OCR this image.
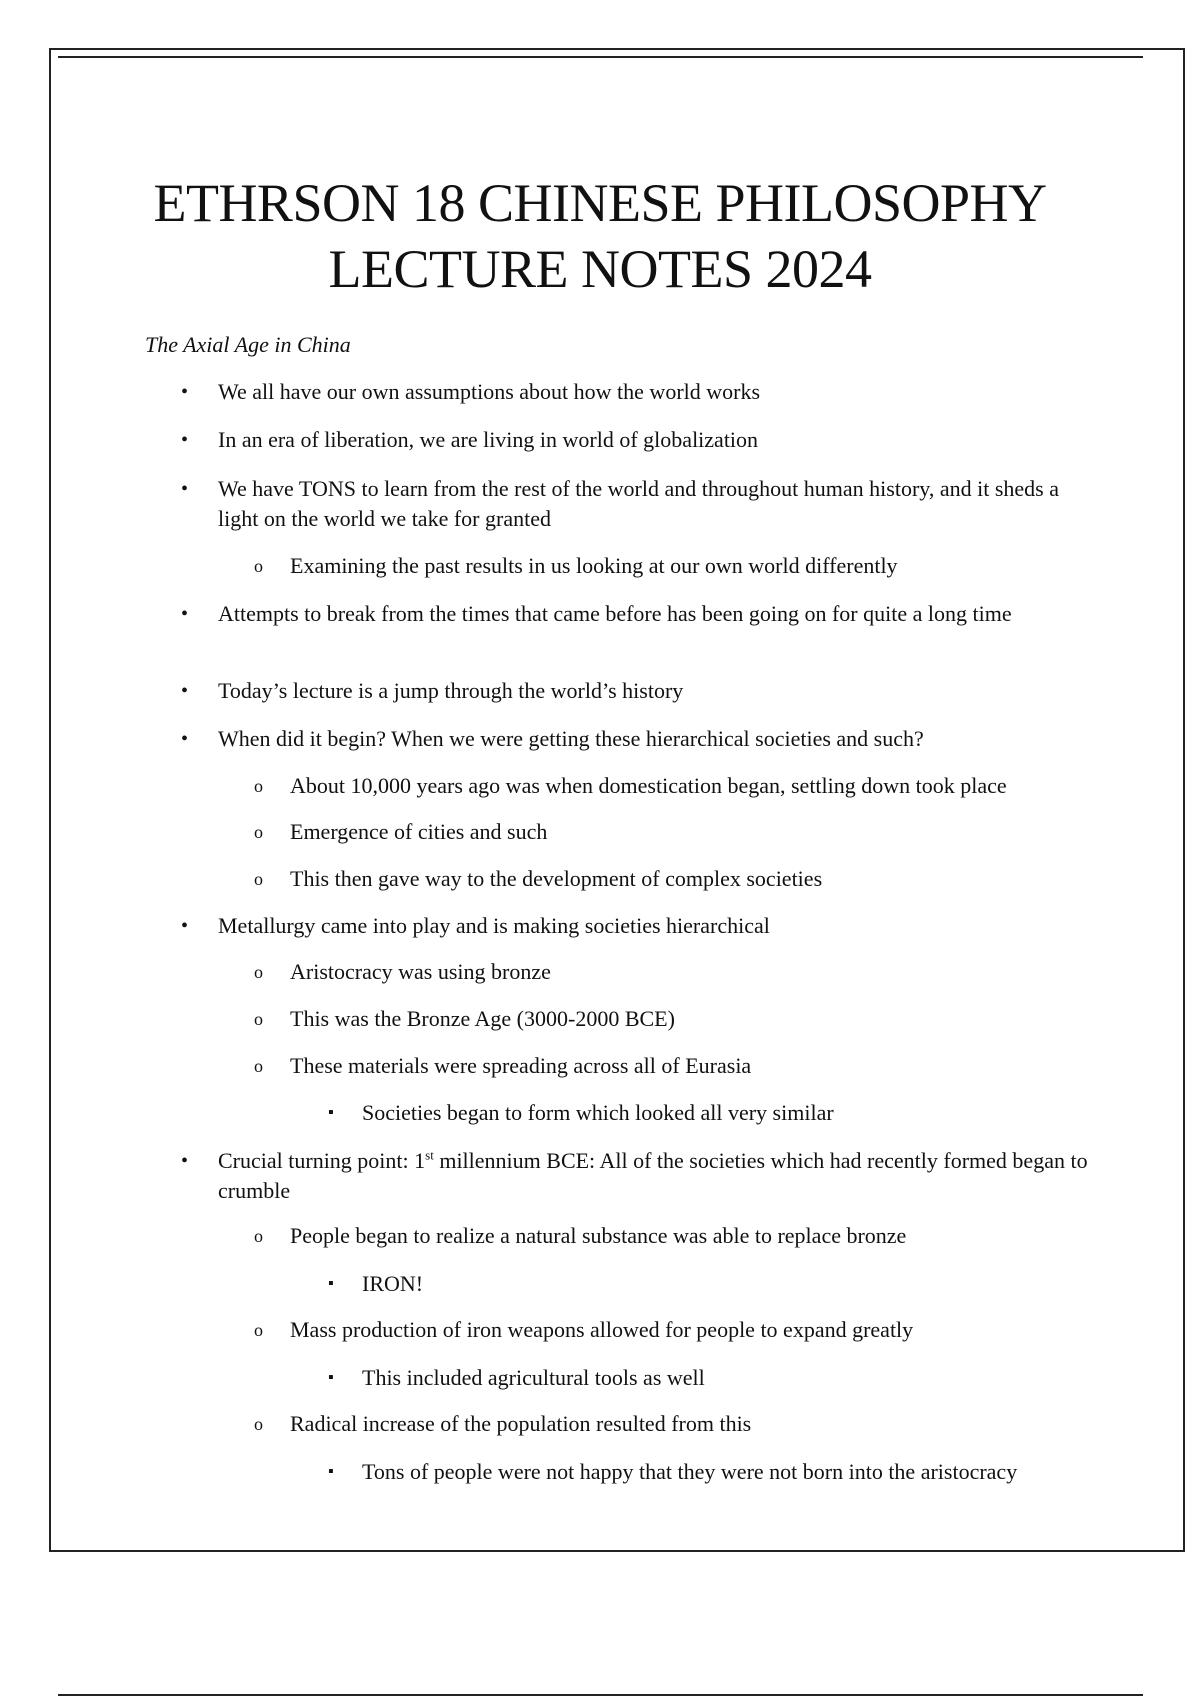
ETHRSON 18 CHINESE PHILOSOPHY
LECTURE NOTES 2024
The Axial Age in China
• We all have our own assumptions about how the world works
• In an era of liberation, we are living in world of globalization
• We have TONS to learn from the rest of the world and throughout human history, and it sheds a light on the world we take for granted
o Examining the past results in us looking at our own world differently
• Attempts to break from the times that came before has been going on for quite a long time
• Today’s lecture is a jump through the world’s history
• When did it begin? When we were getting these hierarchical societies and such?
o About 10,000 years ago was when domestication began, settling down took place
o Emergence of cities and such
o This then gave way to the development of complex societies
• Metallurgy came into play and is making societies hierarchical
o Aristocracy was using bronze
o This was the Bronze Age (3000-2000 BCE)
o These materials were spreading across all of Eurasia
▪ Societies began to form which looked all very similar
• Crucial turning point: 1st millennium BCE: All of the societies which had recently formed began to crumble
o People began to realize a natural substance was able to replace bronze
▪ IRON!
o Mass production of iron weapons allowed for people to expand greatly
▪ This included agricultural tools as well
o Radical increase of the population resulted from this
▪ Tons of people were not happy that they were not born into the aristocracy
